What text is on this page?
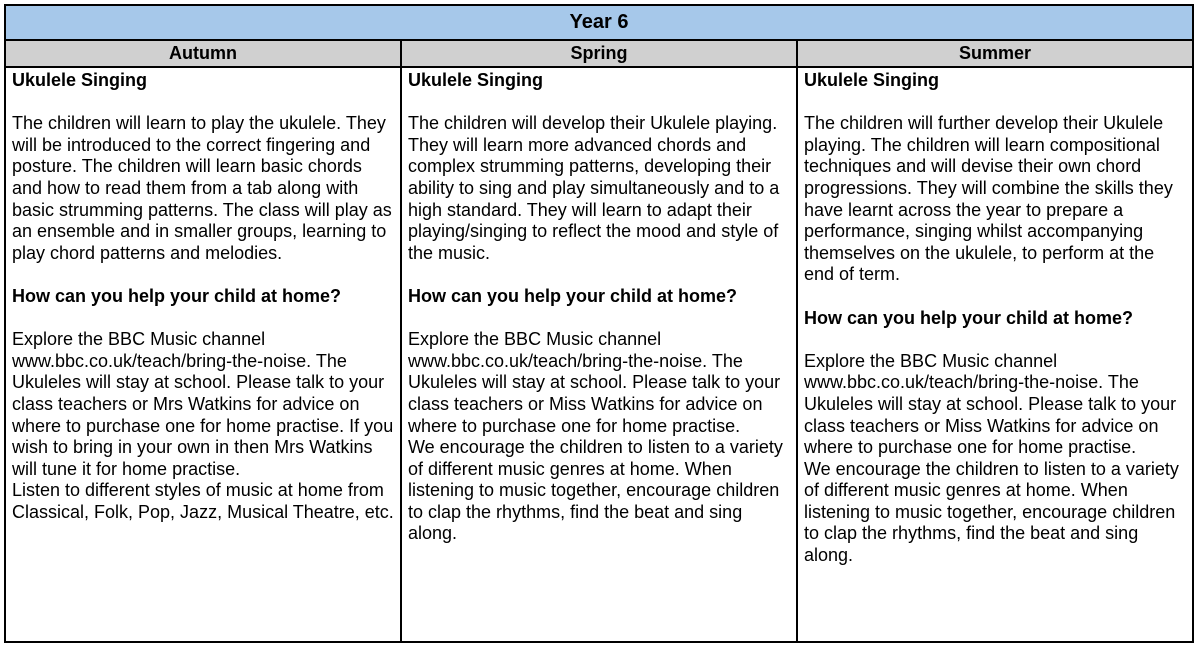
Year 6
Autumn	Spring	Summer

Ukulele Singing

The children will learn to play the ukulele. They will be introduced to the correct fingering and posture. The children will learn basic chords and how to read them from a tab along with basic strumming patterns. The class will play as an ensemble and in smaller groups, learning to play chord patterns and melodies.

How can you help your child at home?

Explore the BBC Music channel www.bbc.co.uk/teach/bring-the-noise. The Ukuleles will stay at school. Please talk to your class teachers or Mrs Watkins for advice on where to purchase one for home practise. If you wish to bring in your own in then Mrs Watkins will tune it for home practise.

Listen to different styles of music at home from Classical, Folk, Pop, Jazz, Musical Theatre, etc.

Ukulele Singing

The children will develop their Ukulele playing. They will learn more advanced chords and complex strumming patterns, developing their ability to sing and play simultaneously and to a high standard. They will learn to adapt their playing/singing to reflect the mood and style of the music.

How can you help your child at home?

Explore the BBC Music channel www.bbc.co.uk/teach/bring-the-noise. The Ukuleles will stay at school. Please talk to your class teachers or Miss Watkins for advice on where to purchase one for home practise.

We encourage the children to listen to a variety of different music genres at home. When listening to music together, encourage children to clap the rhythms, find the beat and sing along.

Ukulele Singing

The children will further develop their Ukulele playing. The children will learn compositional techniques and will devise their own chord progressions. They will combine the skills they have learnt across the year to prepare a performance, singing whilst accompanying themselves on the ukulele, to perform at the end of term.

How can you help your child at home?

Explore the BBC Music channel www.bbc.co.uk/teach/bring-the-noise. The Ukuleles will stay at school. Please talk to your class teachers or Miss Watkins for advice on where to purchase one for home practise.

We encourage the children to listen to a variety of different music genres at home. When listening to music together, encourage children to clap the rhythms, find the beat and sing along.
